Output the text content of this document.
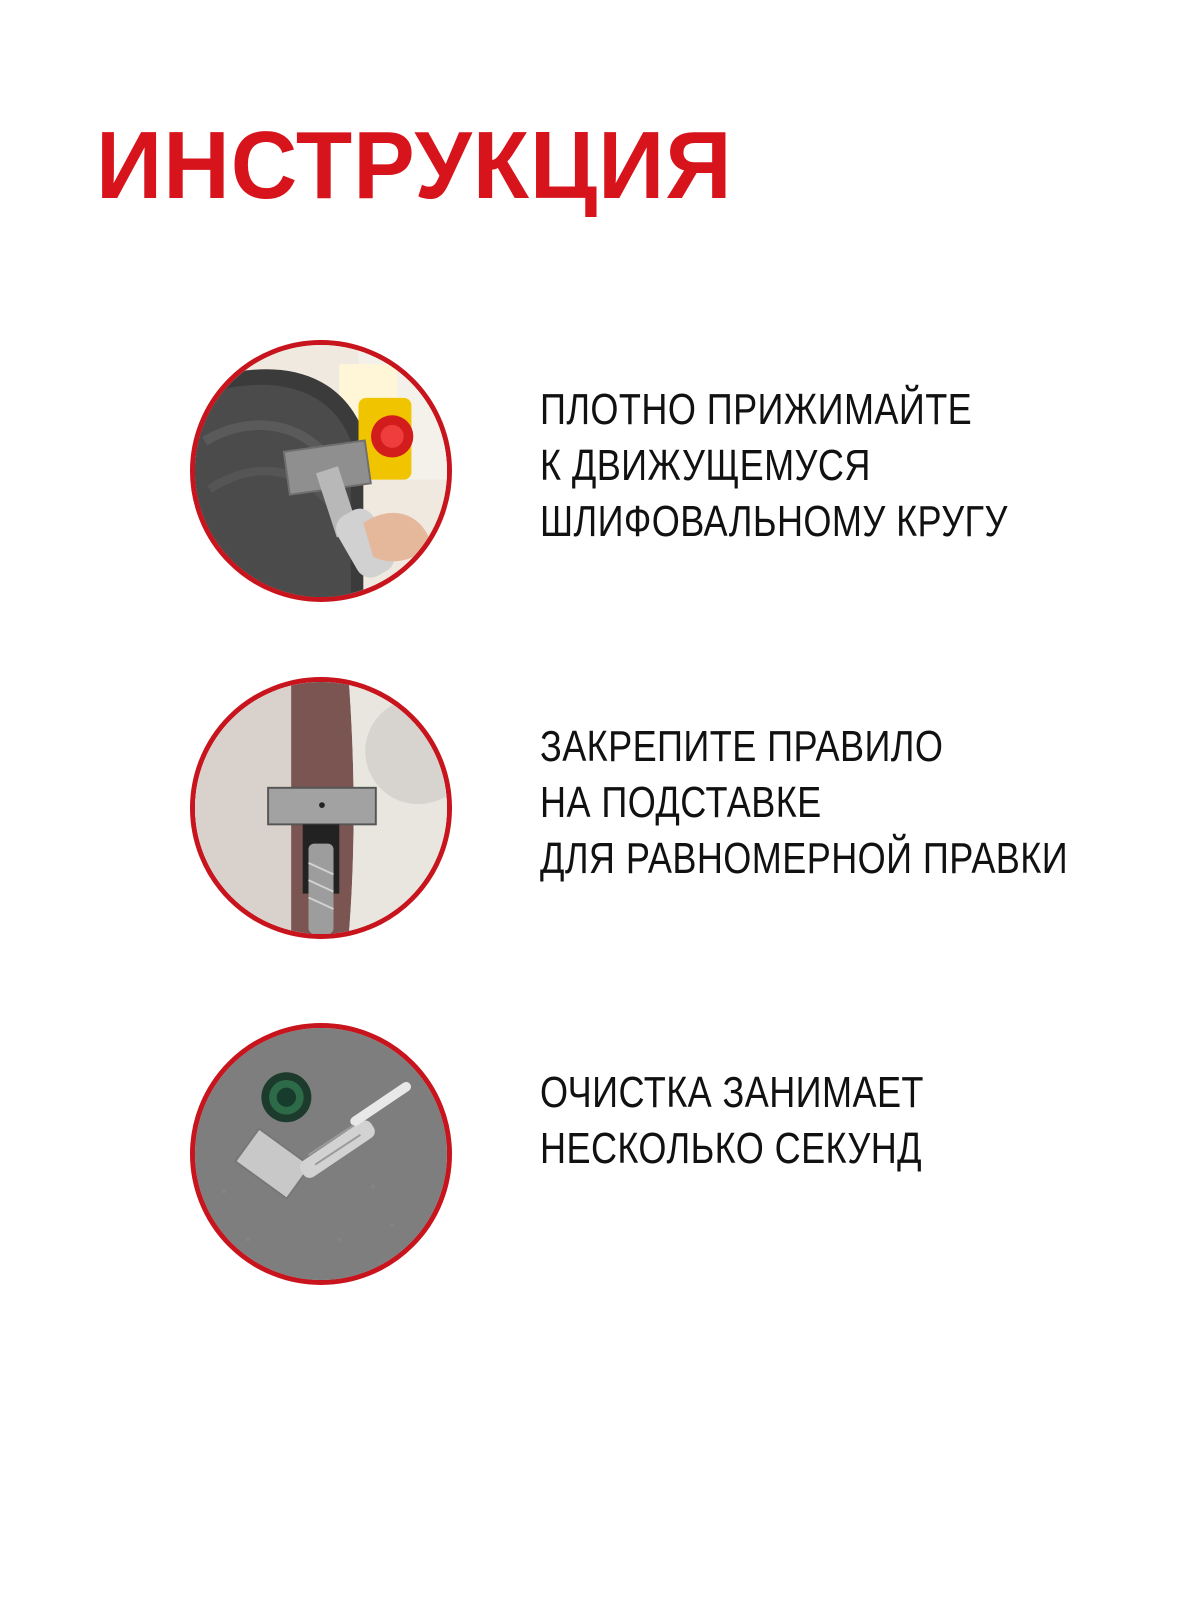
ИНСТРУКЦИЯ
ПЛОТНО ПРИЖИМАЙТЕ
К ДВИЖУЩЕМУСЯ
ШЛИФОВАЛЬНОМУ КРУГУ
ЗАКРЕПИТЕ ПРАВИЛО
НА ПОДСТАВКЕ
ДЛЯ РАВНОМЕРНОЙ ПРАВКИ
ОЧИСТКА ЗАНИМАЕТ
НЕСКОЛЬКО СЕКУНД
